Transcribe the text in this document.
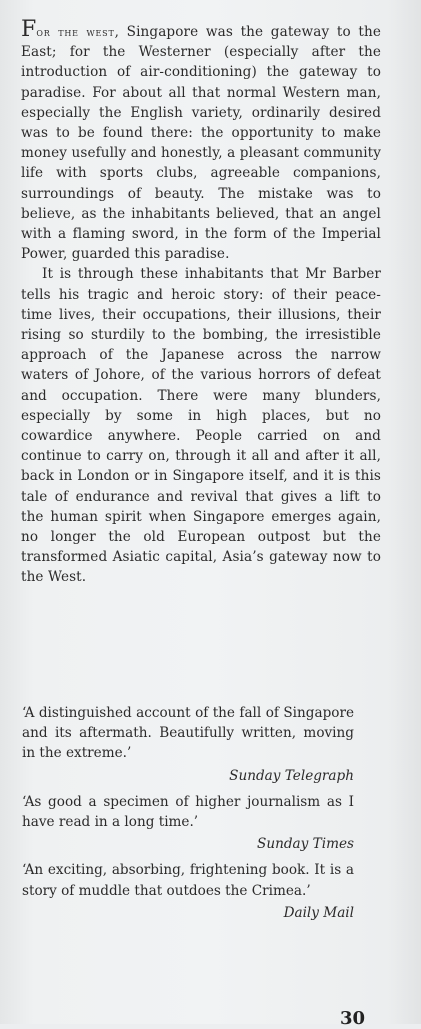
For the west, Singapore was the gateway to the East; for the Westerner (especially after the introduction of air-conditioning) the gateway to paradise. For about all that normal Western man, especially the English variety, ordinarily desired was to be found there: the opportunity to make money usefully and honestly, a pleasant community life with sports clubs, agreeable companions, surroundings of beauty. The mistake was to believe, as the inhabitants believed, that an angel with a flaming sword, in the form of the Imperial Power, guarded this paradise.

It is through these inhabitants that Mr Barber tells his tragic and heroic story: of their peace-time lives, their occupations, their illusions, their rising so sturdily to the bombing, the irresistible approach of the Japanese across the narrow waters of Johore, of the various horrors of defeat and occupation. There were many blunders, especially by some in high places, but no cowardice anywhere. People carried on and continue to carry on, through it all and after it all, back in London or in Singapore itself, and it is this tale of endurance and revival that gives a lift to the human spirit when Singapore emerges again, no longer the old European outpost but the transformed Asiatic capital, Asia’s gateway now to the West.

‘A distinguished account of the fall of Singapore and its aftermath. Beautifully written, moving in the extreme.’

Sunday Telegraph

‘As good a specimen of higher journalism as I have read in a long time.’

Sunday Times

‘An exciting, absorbing, frightening book. It is a story of muddle that outdoes the Crimea.’

Daily Mail
30
